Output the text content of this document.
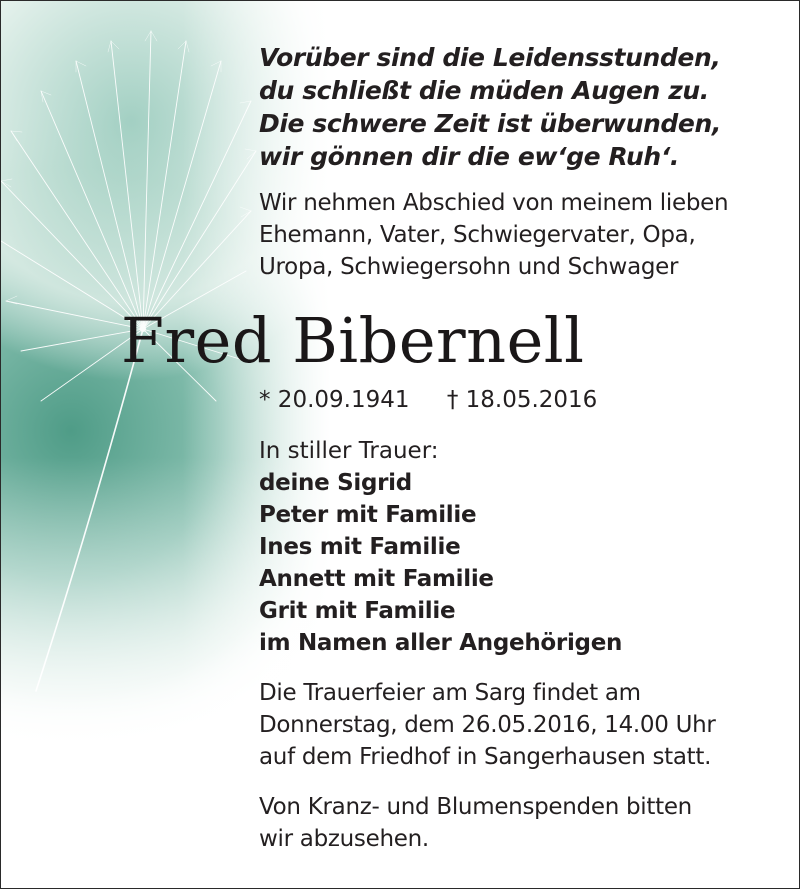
Vorüber sind die Leidensstunden,
du schließt die müden Augen zu.
Die schwere Zeit ist überwunden,
wir gönnen dir die ew‘ge Ruh‘.
Wir nehmen Abschied von meinem lieben
Ehemann, Vater, Schwiegervater, Opa,
Uropa, Schwiegersohn und Schwager
* 20.09.1941 † 18.05.2016
In stiller Trauer:
deine Sigrid
Peter mit Familie
Ines mit Familie
Annett mit Familie
Grit mit Familie
im Namen aller Angehörigen
Die Trauerfeier am Sarg findet am
Donnerstag, dem 26.05.2016, 14.00 Uhr
auf dem Friedhof in Sangerhausen statt.
Von Kranz- und Blumenspenden bitten
wir abzusehen.
Fred Bibernell
